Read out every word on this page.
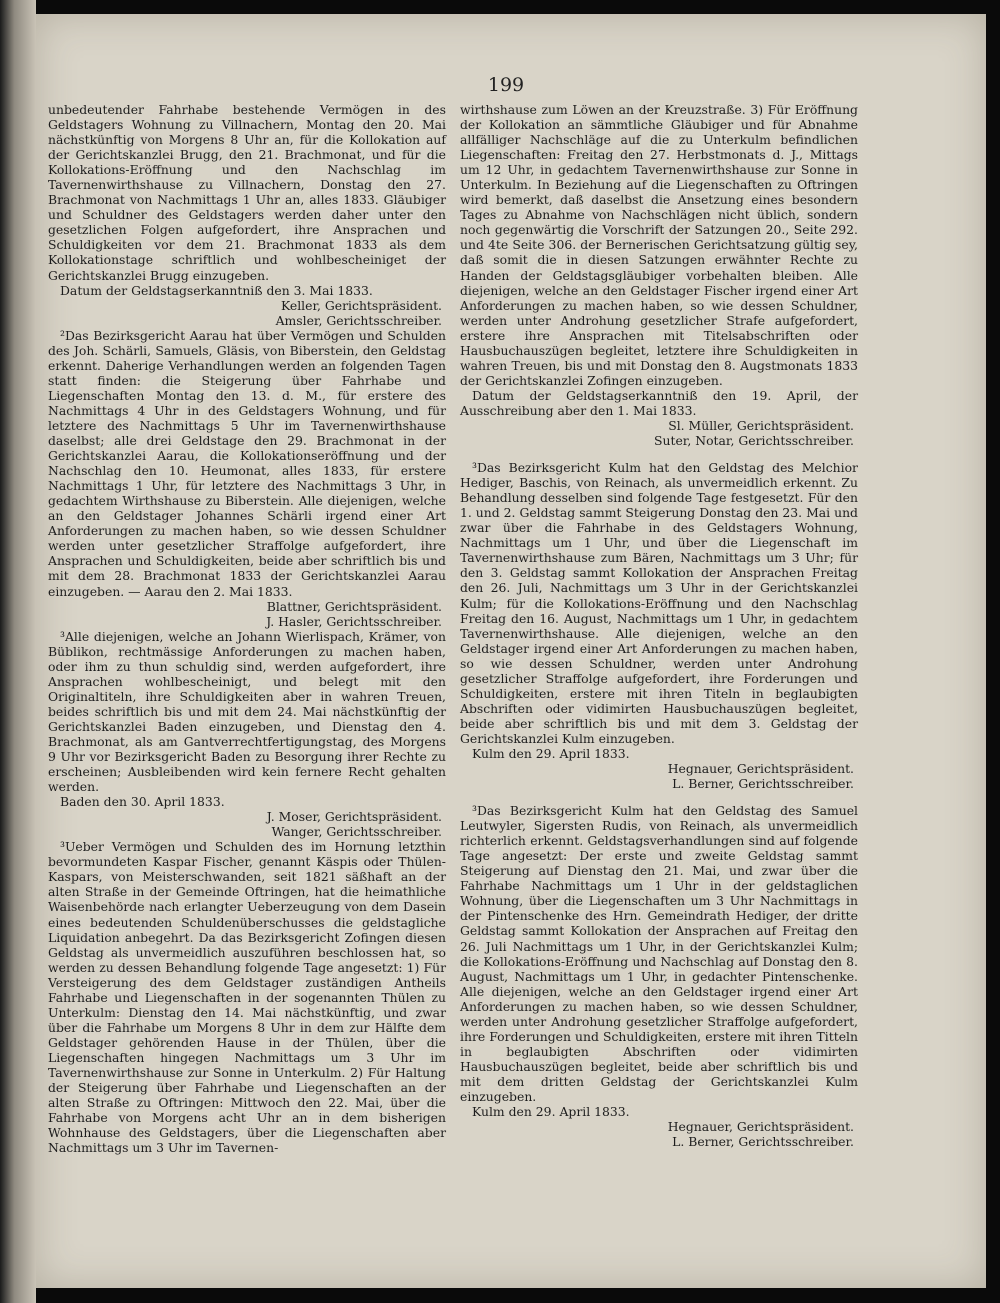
199

unbedeutender Fahrhabe bestehende Vermögen in des Geldstagers Wohnung zu Villnachern, Montag den 20. Mai nächstkünftig von Morgens 8 Uhr an, für die Kollokation auf der Gerichtskanzlei Brugg, den 21. Brachmonat, und für die Kollokations-Eröffnung und den Nachschlag im Tavernenwirthshause zu Villnachern, Donstag den 27. Brachmonat von Nachmittags 1 Uhr an, alles 1833. Gläubiger und Schuldner des Geldstagers werden daher unter den gesetzlichen Folgen aufgefordert, ihre Ansprachen und Schuldigkeiten vor dem 21. Brachmonat 1833 als dem Kollokationstage schriftlich und wohlbescheiniget der Gerichtskanzlei Brugg einzugeben.

Datum der Geldstagserkanntniß den 3. Mai 1833.

Keller, Gerichtspräsident.

Amsler, Gerichtsschreiber.

²Das Bezirksgericht Aarau hat über Vermögen und Schulden des Joh. Schärli, Samuels, Gläsis, von Biberstein, den Geldstag erkennt. Daherige Verhandlungen werden an folgenden Tagen statt finden: die Steigerung über Fahrhabe und Liegenschaften Montag den 13. d. M., für erstere des Nachmittags 4 Uhr in des Geldstagers Wohnung, und für letztere des Nachmittags 5 Uhr im Tavernenwirthshause daselbst; alle drei Geldstage den 29. Brachmonat in der Gerichtskanzlei Aarau, die Kollokationseröffnung und der Nachschlag den 10. Heumonat, alles 1833, für erstere Nachmittags 1 Uhr, für letztere des Nachmittags 3 Uhr, in gedachtem Wirthshause zu Biberstein. Alle diejenigen, welche an den Geldstager Johannes Schärli irgend einer Art Anforderungen zu machen haben, so wie dessen Schuldner werden unter gesetzlicher Straffolge aufgefordert, ihre Ansprachen und Schuldigkeiten, beide aber schriftlich bis und mit dem 28. Brachmonat 1833 der Gerichtskanzlei Aarau einzugeben. — Aarau den 2. Mai 1833.

Blattner, Gerichtspräsident.

J. Hasler, Gerichtsschreiber.

³Alle diejenigen, welche an Johann Wierlispach, Krämer, von Büblikon, rechtmässige Anforderungen zu machen haben, oder ihm zu thun schuldig sind, werden aufgefordert, ihre Ansprachen wohlbescheinigt, und belegt mit den Originaltiteln, ihre Schuldigkeiten aber in wahren Treuen, beides schriftlich bis und mit dem 24. Mai nächstkünftig der Gerichtskanzlei Baden einzugeben, und Dienstag den 4. Brachmonat, als am Gantverrechtfertigungstag, des Morgens 9 Uhr vor Bezirksgericht Baden zu Besorgung ihrer Rechte zu erscheinen; Ausbleibenden wird kein fernere Recht gehalten werden.

Baden den 30. April 1833.

J. Moser, Gerichtspräsident.

Wanger, Gerichtsschreiber.

³Ueber Vermögen und Schulden des im Hornung letzthin bevormundeten Kaspar Fischer, genannt Käspis oder Thülen-Kaspars, von Meisterschwanden, seit 1821 säßhaft an der alten Straße in der Gemeinde Oftringen, hat die heimathliche Waisenbehörde nach erlangter Ueberzeugung von dem Dasein eines bedeutenden Schuldenüberschusses die geldstagliche Liquidation anbegehrt. Da das Bezirksgericht Zofingen diesen Geldstag als unvermeidlich auszuführen beschlossen hat, so werden zu dessen Behandlung folgende Tage angesetzt: 1) Für Versteigerung des dem Geldstager zuständigen Antheils Fahrhabe und Liegenschaften in der sogenannten Thülen zu Unterkulm: Dienstag den 14. Mai nächstkünftig, und zwar über die Fahrhabe um Morgens 8 Uhr in dem zur Hälfte dem Geldstager gehörenden Hause in der Thülen, über die Liegenschaften hingegen Nachmittags um 3 Uhr im Tavernenwirthshause zur Sonne in Unterkulm. 2) Für Haltung der Steigerung über Fahrhabe und Liegenschaften an der alten Straße zu Oftringen: Mittwoch den 22. Mai, über die Fahrhabe von Morgens acht Uhr an in dem bisherigen Wohnhause des Geldstagers, über die Liegenschaften aber Nachmittags um 3 Uhr im Tavernen-

wirthshause zum Löwen an der Kreuzstraße. 3) Für Eröffnung der Kollokation an sämmtliche Gläubiger und für Abnahme allfälliger Nachschläge auf die zu Unterkulm befindlichen Liegenschaften: Freitag den 27. Herbstmonats d. J., Mittags um 12 Uhr, in gedachtem Tavernenwirthshause zur Sonne in Unterkulm. In Beziehung auf die Liegenschaften zu Oftringen wird bemerkt, daß daselbst die Ansetzung eines besondern Tages zu Abnahme von Nachschlägen nicht üblich, sondern noch gegenwärtig die Vorschrift der Satzungen 20., Seite 292. und 4te Seite 306. der Bernerischen Gerichtsatzung gültig sey, daß somit die in diesen Satzungen erwähnter Rechte zu Handen der Geldstagsgläubiger vorbehalten bleiben. Alle diejenigen, welche an den Geldstager Fischer irgend einer Art Anforderungen zu machen haben, so wie dessen Schuldner, werden unter Androhung gesetzlicher Strafe aufgefordert, erstere ihre Ansprachen mit Titelsabschriften oder Hausbuchauszügen begleitet, letztere ihre Schuldigkeiten in wahren Treuen, bis und mit Donstag den 8. Augstmonats 1833 der Gerichtskanzlei Zofingen einzugeben.

Datum der Geldstagserkanntniß den 19. April, der Ausschreibung aber den 1. Mai 1833.

Sl. Müller, Gerichtspräsident.

Suter, Notar, Gerichtsschreiber.

³Das Bezirksgericht Kulm hat den Geldstag des Melchior Hediger, Baschis, von Reinach, als unvermeidlich erkennt. Zu Behandlung desselben sind folgende Tage festgesetzt. Für den 1. und 2. Geldstag sammt Steigerung Donstag den 23. Mai und zwar über die Fahrhabe in des Geldstagers Wohnung, Nachmittags um 1 Uhr, und über die Liegenschaft im Tavernenwirthshause zum Bären, Nachmittags um 3 Uhr; für den 3. Geldstag sammt Kollokation der Ansprachen Freitag den 26. Juli, Nachmittags um 3 Uhr in der Gerichtskanzlei Kulm; für die Kollokations-Eröffnung und den Nachschlag Freitag den 16. August, Nachmittags um 1 Uhr, in gedachtem Tavernenwirthshause. Alle diejenigen, welche an den Geldstager irgend einer Art Anforderungen zu machen haben, so wie dessen Schuldner, werden unter Androhung gesetzlicher Straffolge aufgefordert, ihre Forderungen und Schuldigkeiten, erstere mit ihren Titeln in beglaubigten Abschriften oder vidimirten Hausbuchauszügen begleitet, beide aber schriftlich bis und mit dem 3. Geldstag der Gerichtskanzlei Kulm einzugeben.

Kulm den 29. April 1833.

Hegnauer, Gerichtspräsident.

L. Berner, Gerichtsschreiber.

³Das Bezirksgericht Kulm hat den Geldstag des Samuel Leutwyler, Sigersten Rudis, von Reinach, als unvermeidlich richterlich erkennt. Geldstagsverhandlungen sind auf folgende Tage angesetzt: Der erste und zweite Geldstag sammt Steigerung auf Dienstag den 21. Mai, und zwar über die Fahrhabe Nachmittags um 1 Uhr in der geldstaglichen Wohnung, über die Liegenschaften um 3 Uhr Nachmittags in der Pintenschenke des Hrn. Gemeindrath Hediger, der dritte Geldstag sammt Kollokation der Ansprachen auf Freitag den 26. Juli Nachmittags um 1 Uhr, in der Gerichtskanzlei Kulm; die Kollokations-Eröffnung und Nachschlag auf Donstag den 8. August, Nachmittags um 1 Uhr, in gedachter Pintenschenke. Alle diejenigen, welche an den Geldstager irgend einer Art Anforderungen zu machen haben, so wie dessen Schuldner, werden unter Androhung gesetzlicher Straffolge aufgefordert, ihre Forderungen und Schuldigkeiten, erstere mit ihren Titteln in beglaubigten Abschriften oder vidimirten Hausbuchauszügen begleitet, beide aber schriftlich bis und mit dem dritten Geldstag der Gerichtskanzlei Kulm einzugeben.

Kulm den 29. April 1833.

Hegnauer, Gerichtspräsident.

L. Berner, Gerichtsschreiber.
